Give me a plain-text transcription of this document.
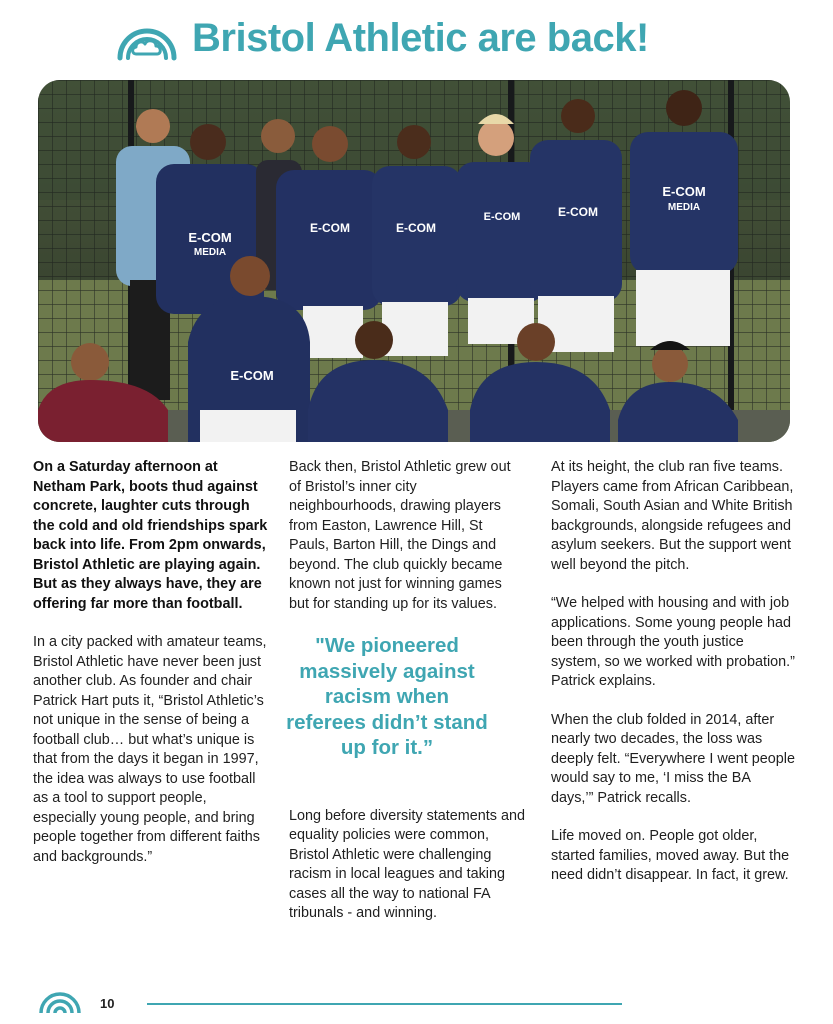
Bristol Athletic are back!
E-COM
MEDIA
E-COM	E-COM
E-COM	E-COM
E-COM
MEDIA
E-COM

On a Saturday afternoon at Netham Park, boots thud against concrete, laughter cuts through the cold and old friendships spark back into life. From 2pm onwards, Bristol Athletic are playing again. But as they always have, they are offering far more than football.

In a city packed with amateur teams, Bristol Athletic have never been just another club. As founder and chair Patrick Hart puts it, “Bristol Athletic’s not unique in the sense of being a football club… but what’s unique is that from the days it began in 1997, the idea was always to use football as a tool to support people, especially young people, and bring people together from different faiths and backgrounds.”

Back then, Bristol Athletic grew out of Bristol’s inner city neighbourhoods, drawing players from Easton, Lawrence Hill, St Pauls, Barton Hill, the Dings and beyond. The club quickly became known not just for winning games but for standing up for its values.

"We pioneered massively against racism when referees didn’t stand up for it.”

Long before diversity statements and equality policies were common, Bristol Athletic were challenging racism in local leagues and taking cases all the way to national FA tribunals - and winning.

At its height, the club ran five teams. Players came from African Caribbean, Somali, South Asian and White British backgrounds, alongside refugees and asylum seekers. But the support went well beyond the pitch.

“We helped with housing and with job applications. Some young people had been through the youth justice system, so we worked with probation.” Patrick explains.

When the club folded in 2014, after nearly two decades, the loss was deeply felt. “Everywhere I went people would say to me, ‘I miss the BA days,’” Patrick recalls.

Life moved on. People got older, started families, moved away. But the need didn’t disappear. In fact, it grew.

10
